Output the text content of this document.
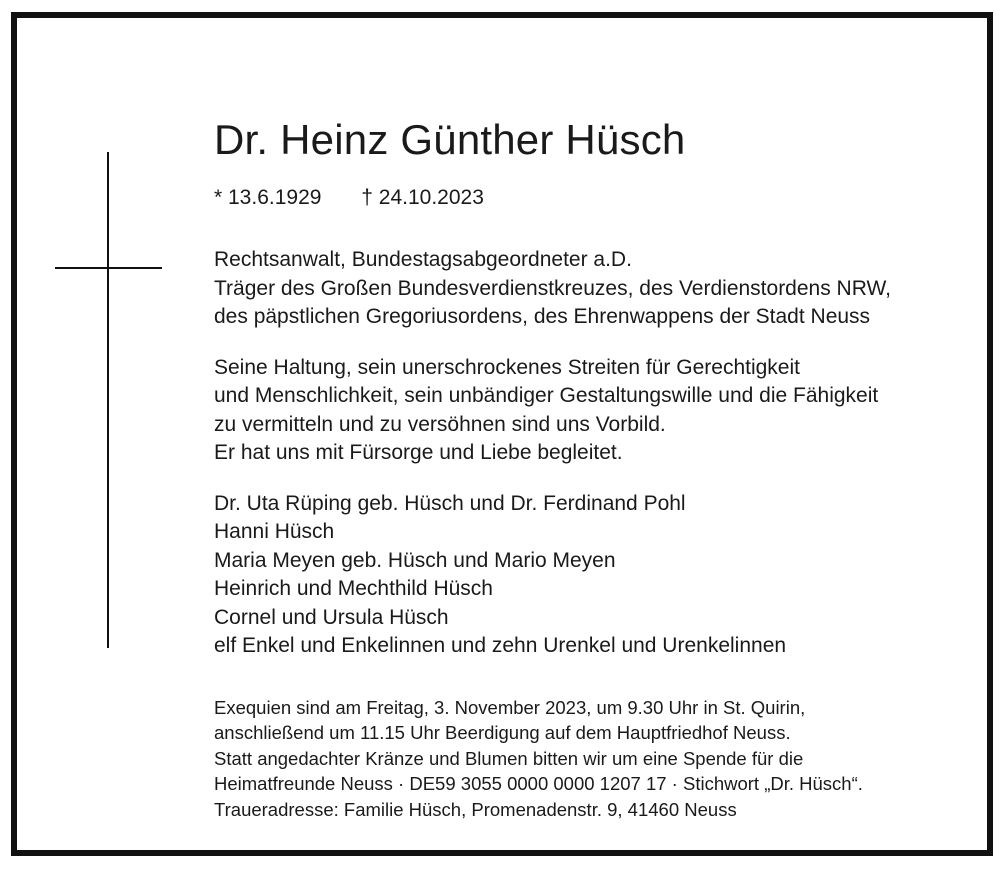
Dr. Heinz Günther Hüsch
* 13.6.1929 † 24.10.2023
Rechtsanwalt, Bundestagsabgeordneter a.D.
Träger des Großen Bundesverdienstkreuzes, des Verdienstordens NRW,
des päpstlichen Gregoriusordens, des Ehrenwappens der Stadt Neuss
Seine Haltung, sein unerschrockenes Streiten für Gerechtigkeit
und Menschlichkeit, sein unbändiger Gestaltungswille und die Fähigkeit
zu vermitteln und zu versöhnen sind uns Vorbild.
Er hat uns mit Fürsorge und Liebe begleitet.
Dr. Uta Rüping geb. Hüsch und Dr. Ferdinand Pohl
Hanni Hüsch
Maria Meyen geb. Hüsch und Mario Meyen
Heinrich und Mechthild Hüsch
Cornel und Ursula Hüsch
elf Enkel und Enkelinnen und zehn Urenkel und Urenkelinnen
Exequien sind am Freitag, 3. November 2023, um 9.30 Uhr in St. Quirin,
anschließend um 11.15 Uhr Beerdigung auf dem Hauptfriedhof Neuss.
Statt angedachter Kränze und Blumen bitten wir um eine Spende für die
Heimatfreunde Neuss · DE59 3055 0000 0000 1207 17 · Stichwort „Dr. Hüsch“.
Traueradresse: Familie Hüsch, Promenadenstr. 9, 41460 Neuss
